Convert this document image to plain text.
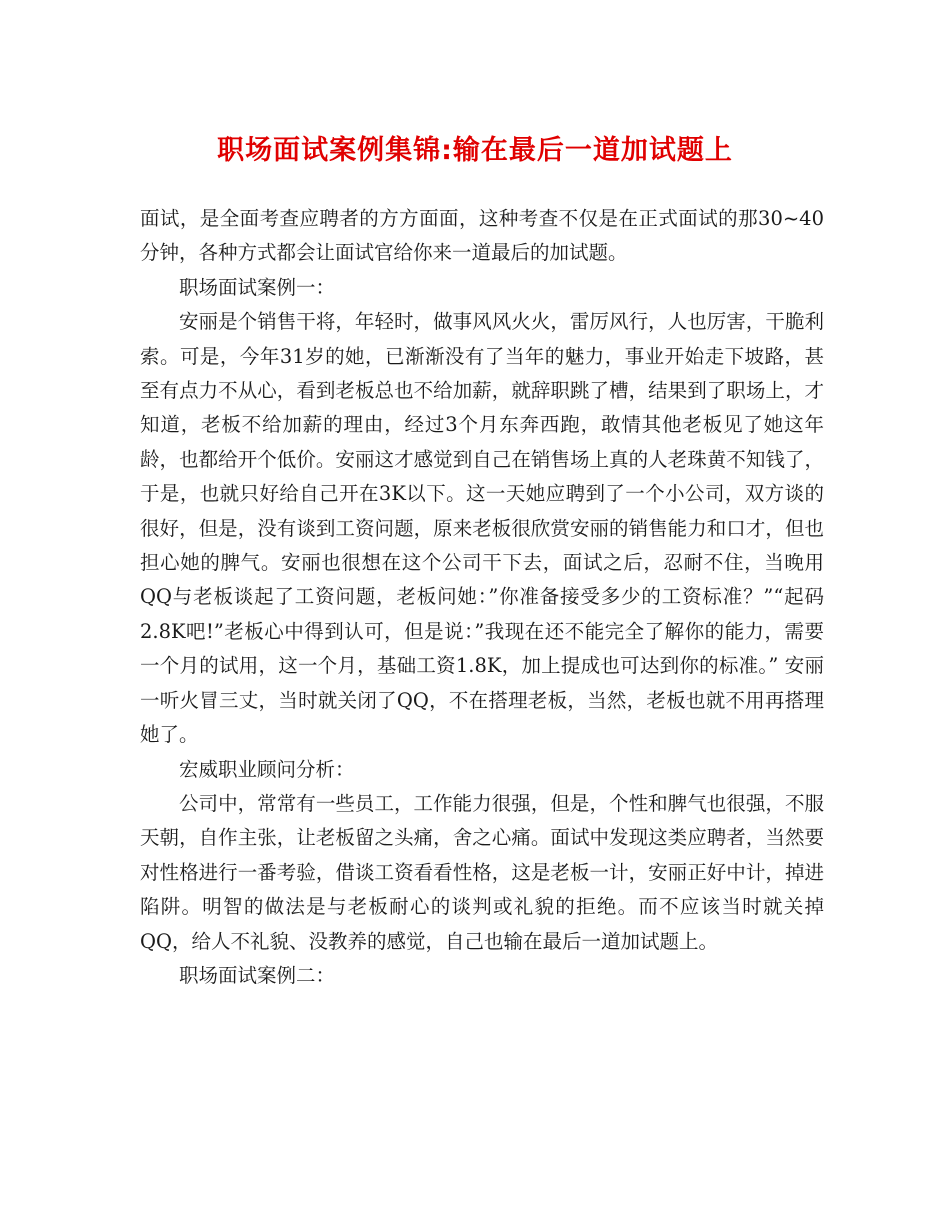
职场面试案例集锦:输在最后一道加试题上

面试，是全面考查应聘者的方方面面，这种考查不仅是在正式面试的那30~40分钟，各种方式都会让面试官给你来一道最后的加试题。

职场面试案例一：

安丽是个销售干将，年轻时，做事风风火火，雷厉风行，人也厉害，干脆利索。可是，今年31岁的她，已渐渐没有了当年的魅力，事业开始走下坡路，甚至有点力不从心，看到老板总也不给加薪，就辞职跳了槽，结果到了职场上，才知道，老板不给加薪的理由，经过3个月东奔西跑，敢情其他老板见了她这年龄，也都给开个低价。安丽这才感觉到自己在销售场上真的人老珠黄不知钱了，于是，也就只好给自己开在3K以下。这一天她应聘到了一个小公司，双方谈的很好，但是，没有谈到工资问题，原来老板很欣赏安丽的销售能力和口才，但也担心她的脾气。安丽也很想在这个公司干下去，面试之后，忍耐不住，当晚用QQ与老板谈起了工资问题，老板问她：”你准备接受多少的工资标准？”“起码2.8K吧!”老板心中得到认可，但是说：”我现在还不能完全了解你的能力，需要一个月的试用，这一个月，基础工资1.8K，加上提成也可达到你的标准。” 安丽一听火冒三丈，当时就关闭了QQ，不在搭理老板，当然，老板也就不用再搭理她了。

宏威职业顾问分析：

公司中，常常有一些员工，工作能力很强，但是，个性和脾气也很强，不服天朝，自作主张，让老板留之头痛，舍之心痛。面试中发现这类应聘者，当然要对性格进行一番考验，借谈工资看看性格，这是老板一计，安丽正好中计，掉进陷阱。明智的做法是与老板耐心的谈判或礼貌的拒绝。而不应该当时就关掉QQ，给人不礼貌、没教养的感觉，自己也输在最后一道加试题上。

职场面试案例二：
